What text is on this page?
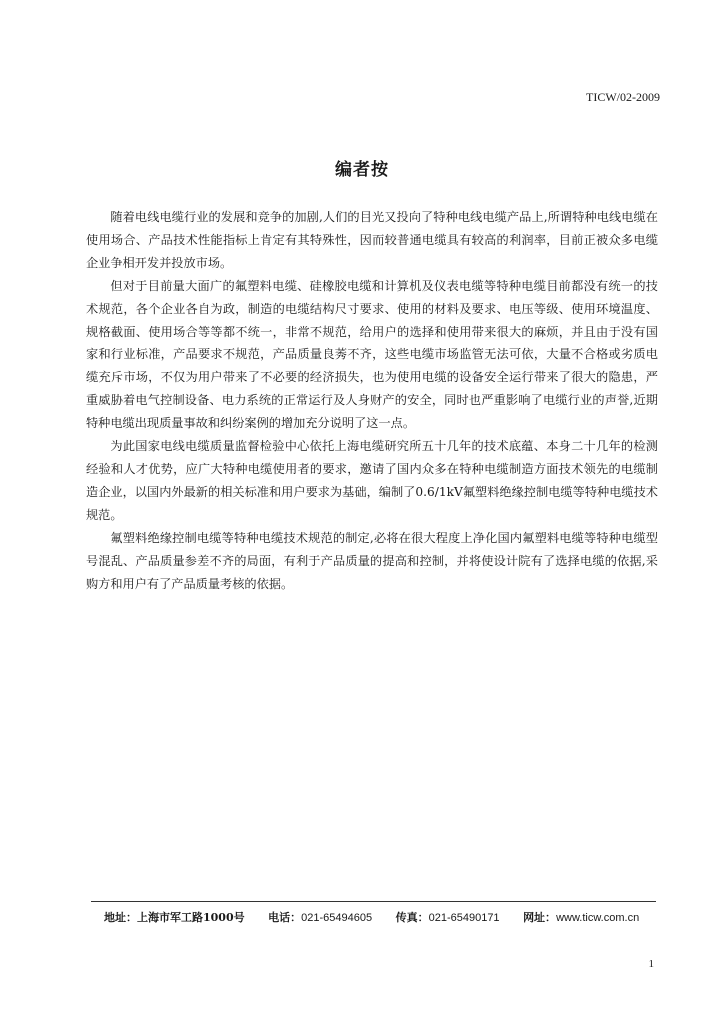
TICW/02-2009
编者按

随着电线电缆行业的发展和竞争的加剧,人们的目光又投向了特种电线电缆产品上,所谓特种电线电缆在使用场合、产品技术性能指标上肯定有其特殊性，因而较普通电缆具有较高的利润率，目前正被众多电缆企业争相开发并投放市场。

但对于目前量大面广的氟塑料电缆、硅橡胶电缆和计算机及仪表电缆等特种电缆目前都没有统一的技术规范，各个企业各自为政，制造的电缆结构尺寸要求、使用的材料及要求、电压等级、使用环境温度、规格截面、使用场合等等都不统一，非常不规范，给用户的选择和使用带来很大的麻烦，并且由于没有国家和行业标准，产品要求不规范，产品质量良莠不齐，这些电缆市场监管无法可依，大量不合格或劣质电缆充斥市场，不仅为用户带来了不必要的经济损失，也为使用电缆的设备安全运行带来了很大的隐患，严重威胁着电气控制设备、电力系统的正常运行及人身财产的安全，同时也严重影响了电缆行业的声誉,近期特种电缆出现质量事故和纠纷案例的增加充分说明了这一点。

为此国家电线电缆质量监督检验中心依托上海电缆研究所五十几年的技术底蕴、本身二十几年的检测经验和人才优势，应广大特种电缆使用者的要求，邀请了国内众多在特种电缆制造方面技术领先的电缆制造企业，以国内外最新的相关标准和用户要求为基础，编制了0.6/1kV氟塑料绝缘控制电缆等特种电缆技术规范。

氟塑料绝缘控制电缆等特种电缆技术规范的制定,必将在很大程度上净化国内氟塑料电缆等特种电缆型号混乱、产品质量参差不齐的局面，有利于产品质量的提高和控制，并将使设计院有了选择电缆的依据,采购方和用户有了产品质量考核的依据。

地址：上海市军工路1000号 电话：021-65494605 传真：021-65490171 网址：www.ticw.com.cn
1
